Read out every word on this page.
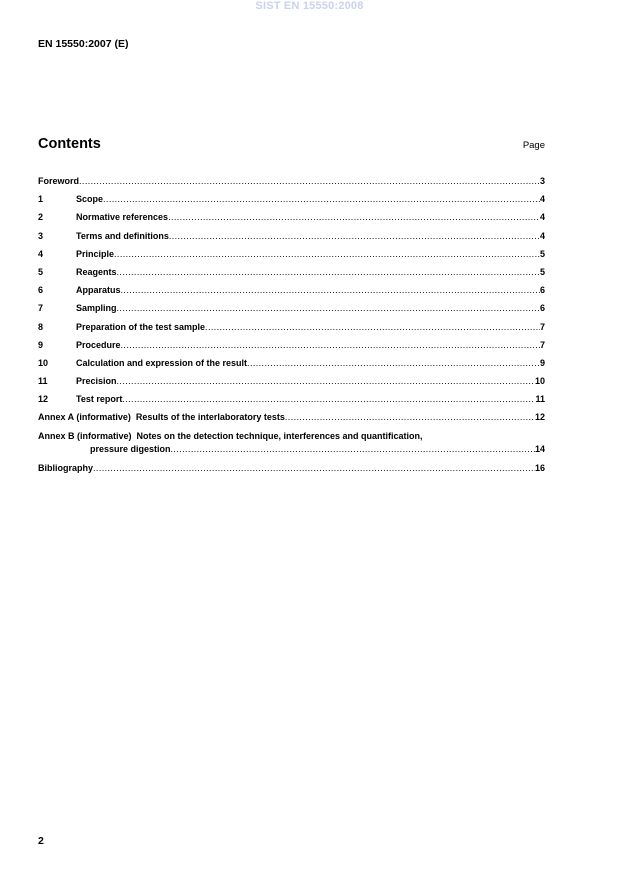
SIST EN 15550:2008
EN 15550:2007 (E)
Contents	Page
Foreword .....	3
1	Scope .....	4
2	Normative references .....	4
3	Terms and definitions .....	4
4	Principle .....	5
5	Reagents .....	5
6	Apparatus .....	6
7	Sampling .....	6
8	Preparation of the test sample .....	7
9	Procedure .....	7
10	Calculation and expression of the result .....	9
11	Precision .....	10
12	Test report .....	11
Annex A (informative)  Results of the interlaboratory tests .....	12
Annex B (informative)  Notes on the detection technique, interferences and quantification,
pressure digestion .....	14
Bibliography .....	16
2
